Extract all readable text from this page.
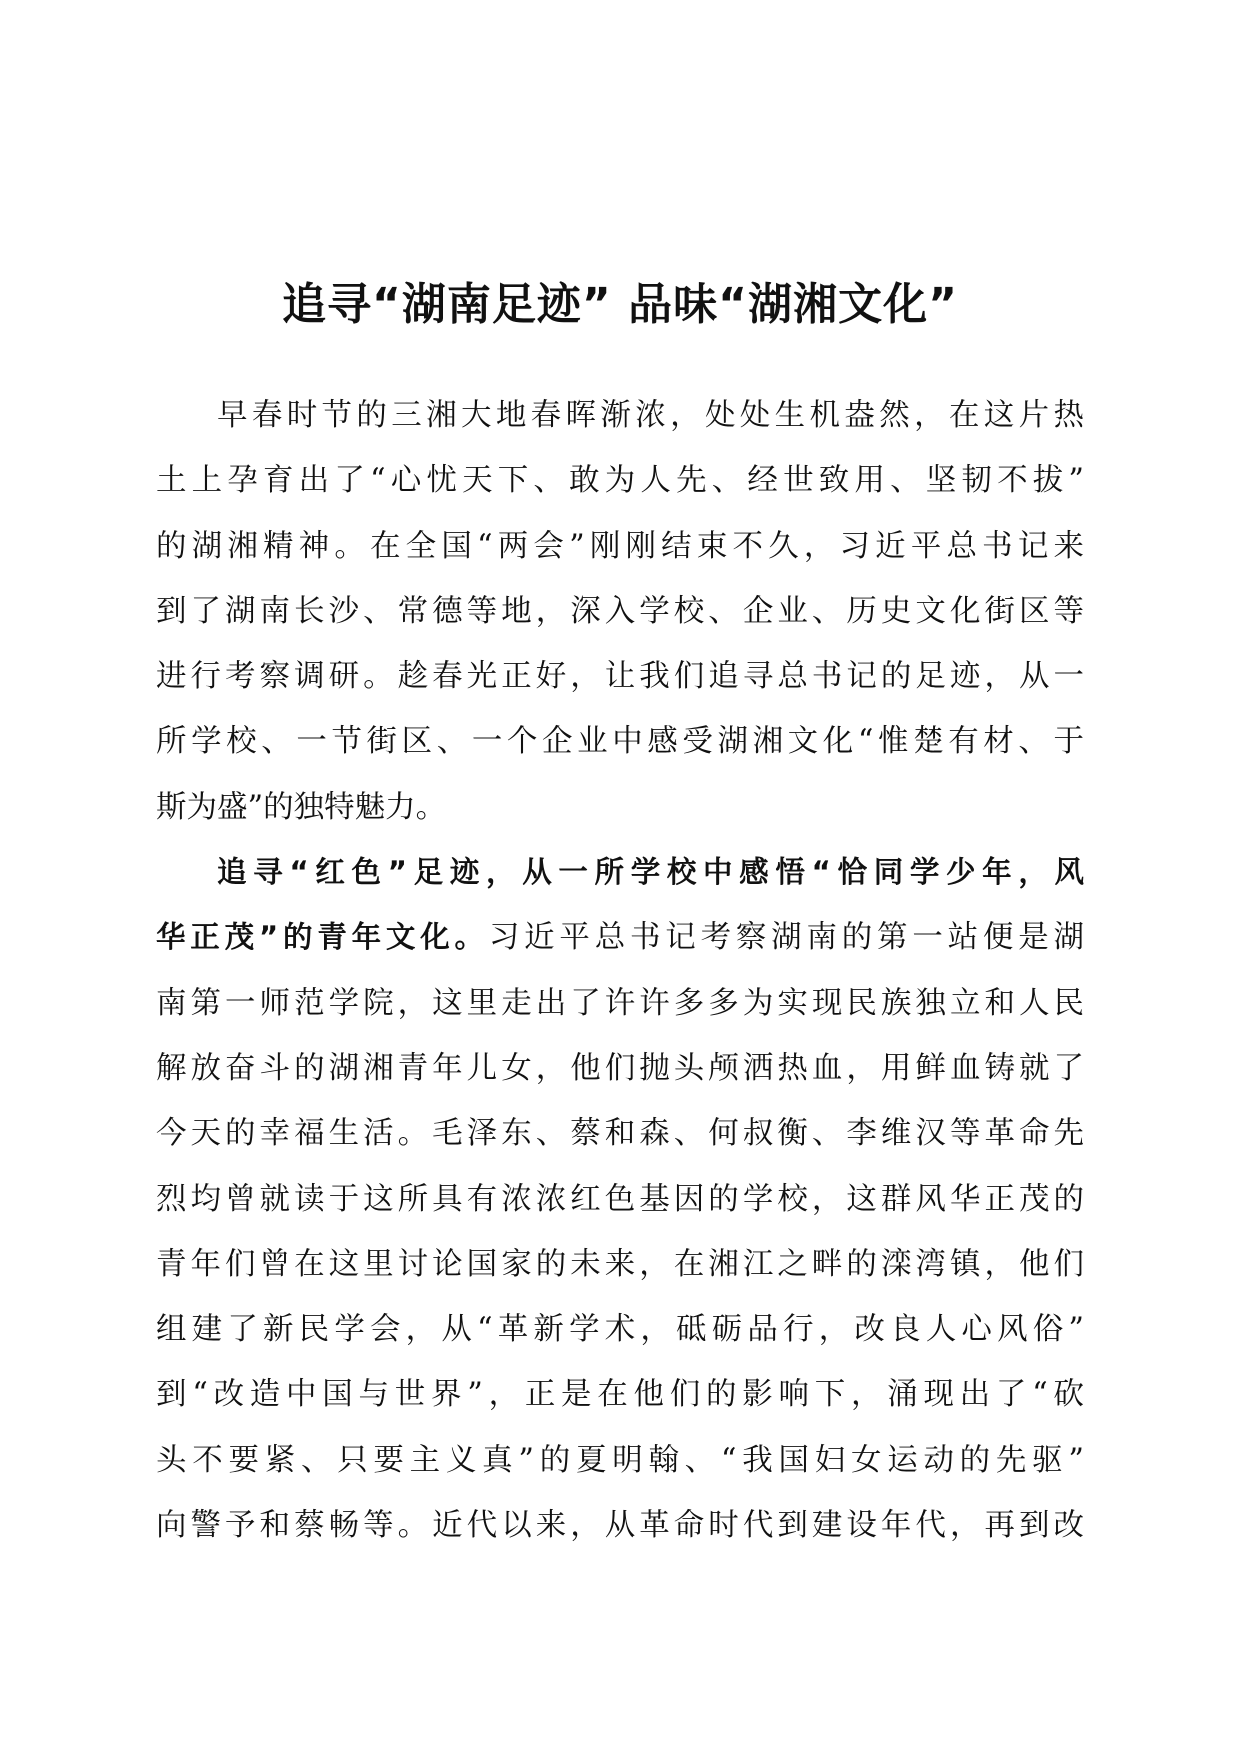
追寻“湖南足迹” 品味“湖湘文化”

早春时节的三湘大地春晖渐浓，处处生机盎然，在这片热
土上孕育出了“心忧天下、敢为人先、经世致用、坚韧不拔”
的湖湘精神。在全国“两会”刚刚结束不久，习近平总书记来
到了湖南长沙、常德等地，深入学校、企业、历史文化街区等
进行考察调研。趁春光正好，让我们追寻总书记的足迹，从一
所学校、一节街区、一个企业中感受湖湘文化“惟楚有材、于
斯为盛”的独特魅力。

追寻“红色”足迹，从一所学校中感悟“恰同学少年，风
华正茂”的青年文化。习近平总书记考察湖南的第一站便是湖
南第一师范学院，这里走出了许许多多为实现民族独立和人民
解放奋斗的湖湘青年儿女，他们抛头颅洒热血，用鲜血铸就了
今天的幸福生活。毛泽东、蔡和森、何叔衡、李维汉等革命先
烈均曾就读于这所具有浓浓红色基因的学校，这群风华正茂的
青年们曾在这里讨论国家的未来，在湘江之畔的滦湾镇，他们
组建了新民学会，从“革新学术，砥砺品行，改良人心风俗”
到“改造中国与世界”，正是在他们的影响下，涌现出了“砍
头不要紧、只要主义真”的夏明翰、“我国妇女运动的先驱”
向警予和蔡畅等。近代以来，从革命时代到建设年代，再到改
